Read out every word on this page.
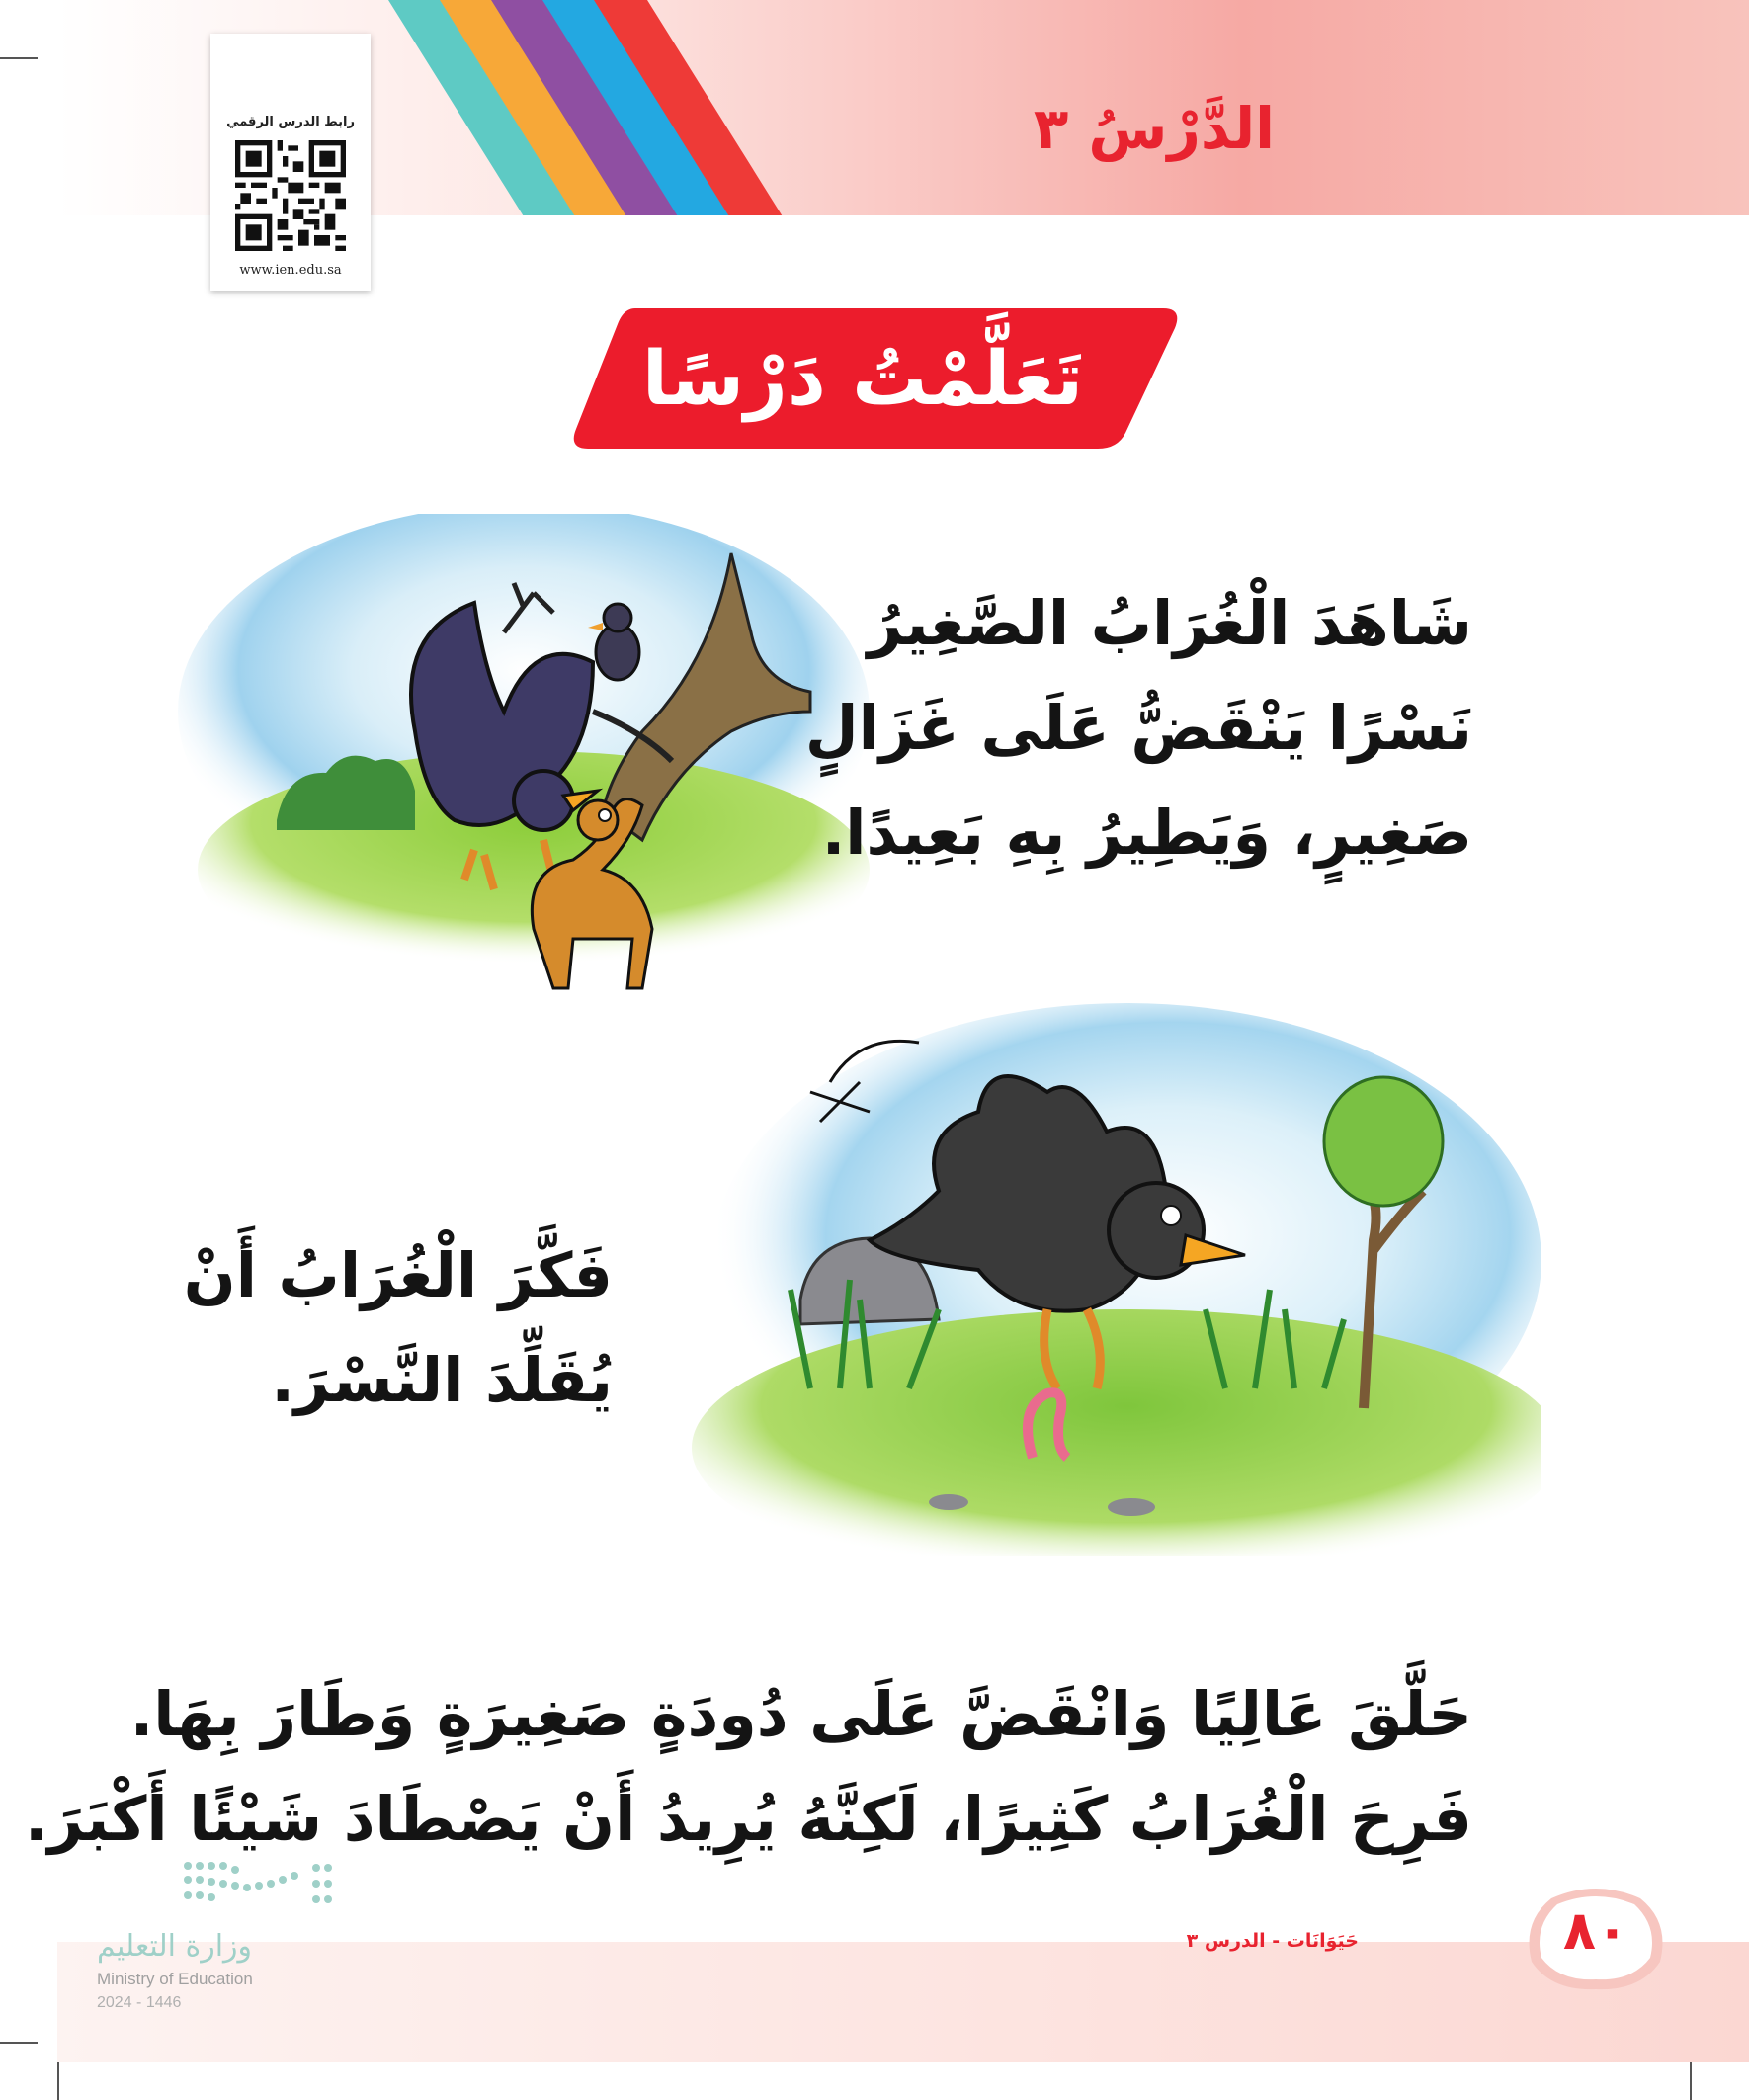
الدَّرْسُ ٣
رابط الدرس الرقمي
www.ien.edu.sa
تَعَلَّمْتُ دَرْسًا
شَاهَدَ الْغُرَابُ الصَّغِيرُ
نَسْرًا يَنْقَضُّ عَلَى غَزَالٍ
صَغِيرٍ، وَيَطِيرُ بِهِ بَعِيدًا.
فَكَّرَ الْغُرَابُ أَنْ
يُقَلِّدَ النَّسْرَ.
حَلَّقَ عَالِيًا وَانْقَضَّ عَلَى دُودَةٍ صَغِيرَةٍ وَطَارَ بِهَا.
فَرِحَ الْغُرَابُ كَثِيرًا، لَكِنَّهُ يُرِيدُ أَنْ يَصْطَادَ شَيْئًا أَكْبَرَ.
وزارة التعليم
Ministry of Education
2024 - 1446
حَيَوَانَات - الدرس ٣	٨٠
